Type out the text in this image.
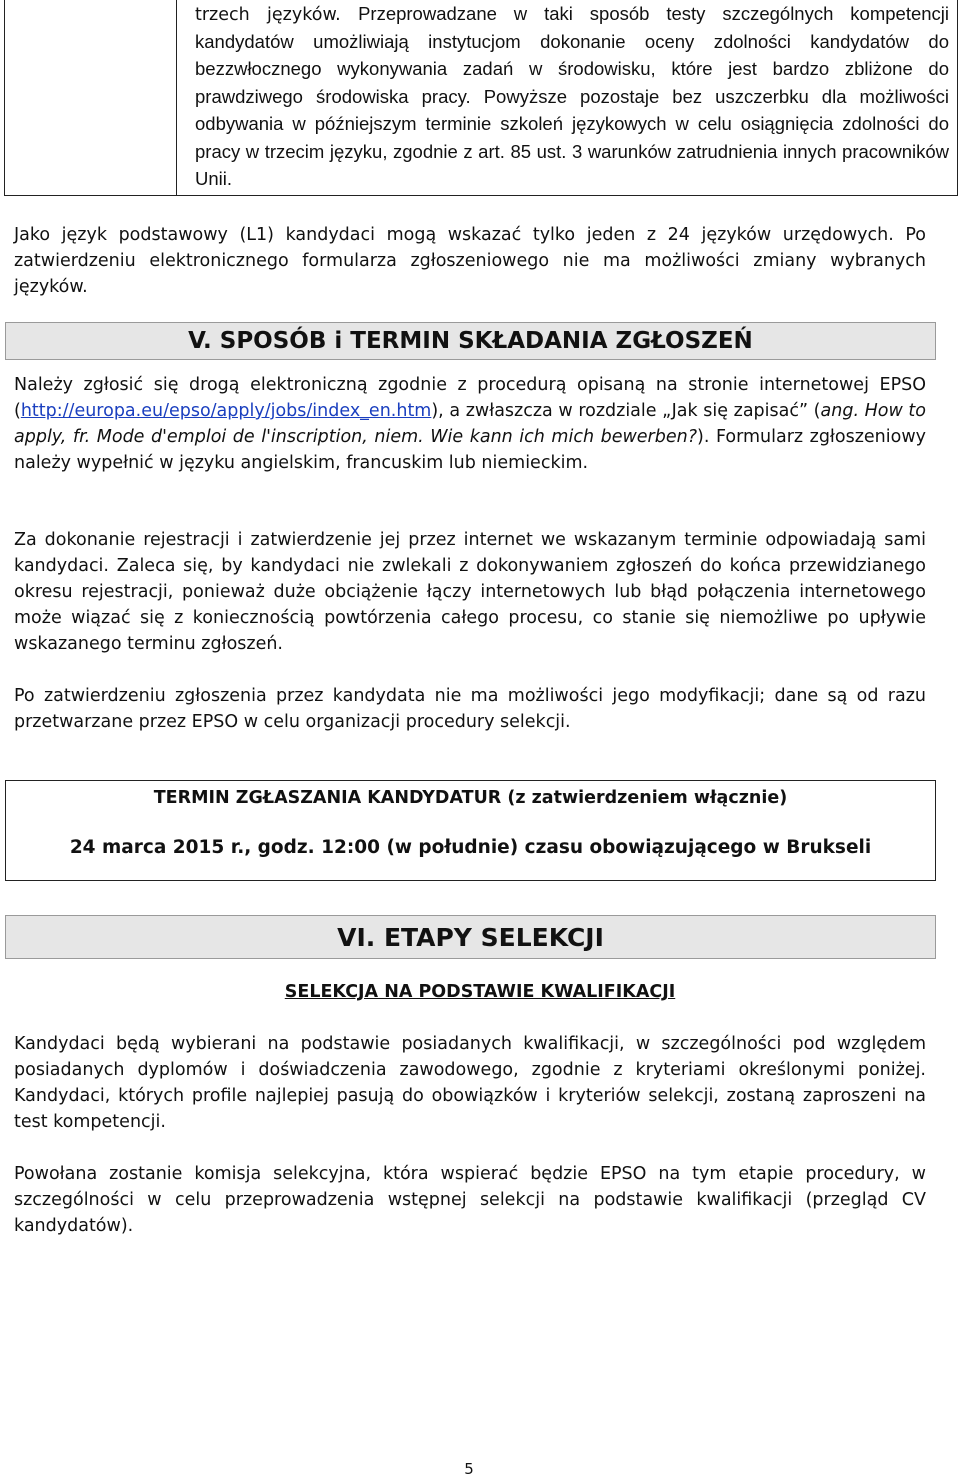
trzech języków. Przeprowadzane w taki sposób testy szczególnych kompetencji kandydatów umożliwiają instytucjom dokonanie oceny zdolności kandydatów do bezzwłocznego wykonywania zadań w środowisku, które jest bardzo zbliżone do prawdziwego środowiska pracy. Powyższe pozostaje bez uszczerbku dla możliwości odbywania w późniejszym terminie szkoleń językowych w celu osiągnięcia zdolności do pracy w trzecim języku, zgodnie z art. 85 ust. 3 warunków zatrudnienia innych pracowników Unii.

Jako język podstawowy (L1) kandydaci mogą wskazać tylko jeden z 24 języków urzędowych. Po zatwierdzeniu elektronicznego formularza zgłoszeniowego nie ma możliwości zmiany wybranych języków.

V. SPOSÓB i TERMIN SKŁADANIA ZGŁOSZEŃ

Należy zgłosić się drogą elektroniczną zgodnie z procedurą opisaną na stronie internetowej EPSO (http://europa.eu/epso/apply/jobs/index_en.htm), a zwłaszcza w rozdziale „Jak się zapisać” (ang. How to apply, fr. Mode d'emploi de l'inscription, niem. Wie kann ich mich bewerben?). Formularz zgłoszeniowy należy wypełnić w języku angielskim, francuskim lub niemieckim.

Za dokonanie rejestracji i zatwierdzenie jej przez internet we wskazanym terminie odpowiadają sami kandydaci. Zaleca się, by kandydaci nie zwlekali z dokonywaniem zgłoszeń do końca przewidzianego okresu rejestracji, ponieważ duże obciążenie łączy internetowych lub błąd połączenia internetowego może wiązać się z koniecznością powtórzenia całego procesu, co stanie się niemożliwe po upływie wskazanego terminu zgłoszeń.

Po zatwierdzeniu zgłoszenia przez kandydata nie ma możliwości jego modyfikacji; dane są od razu przetwarzane przez EPSO w celu organizacji procedury selekcji.

TERMIN ZGŁASZANIA KANDYDATUR (z zatwierdzeniem włącznie)
24 marca 2015 r., godz. 12:00 (w południe) czasu obowiązującego w Brukseli
VI. ETAPY SELEKCJI
SELEKCJA NA PODSTAWIE KWALIFIKACJI

Kandydaci będą wybierani na podstawie posiadanych kwalifikacji, w szczególności pod względem posiadanych dyplomów i doświadczenia zawodowego, zgodnie z kryteriami określonymi poniżej. Kandydaci, których profile najlepiej pasują do obowiązków i kryteriów selekcji, zostaną zaproszeni na test kompetencji.

Powołana zostanie komisja selekcyjna, która wspierać będzie EPSO na tym etapie procedury, w szczególności w celu przeprowadzenia wstępnej selekcji na podstawie kwalifikacji (przegląd CV kandydatów).

5
